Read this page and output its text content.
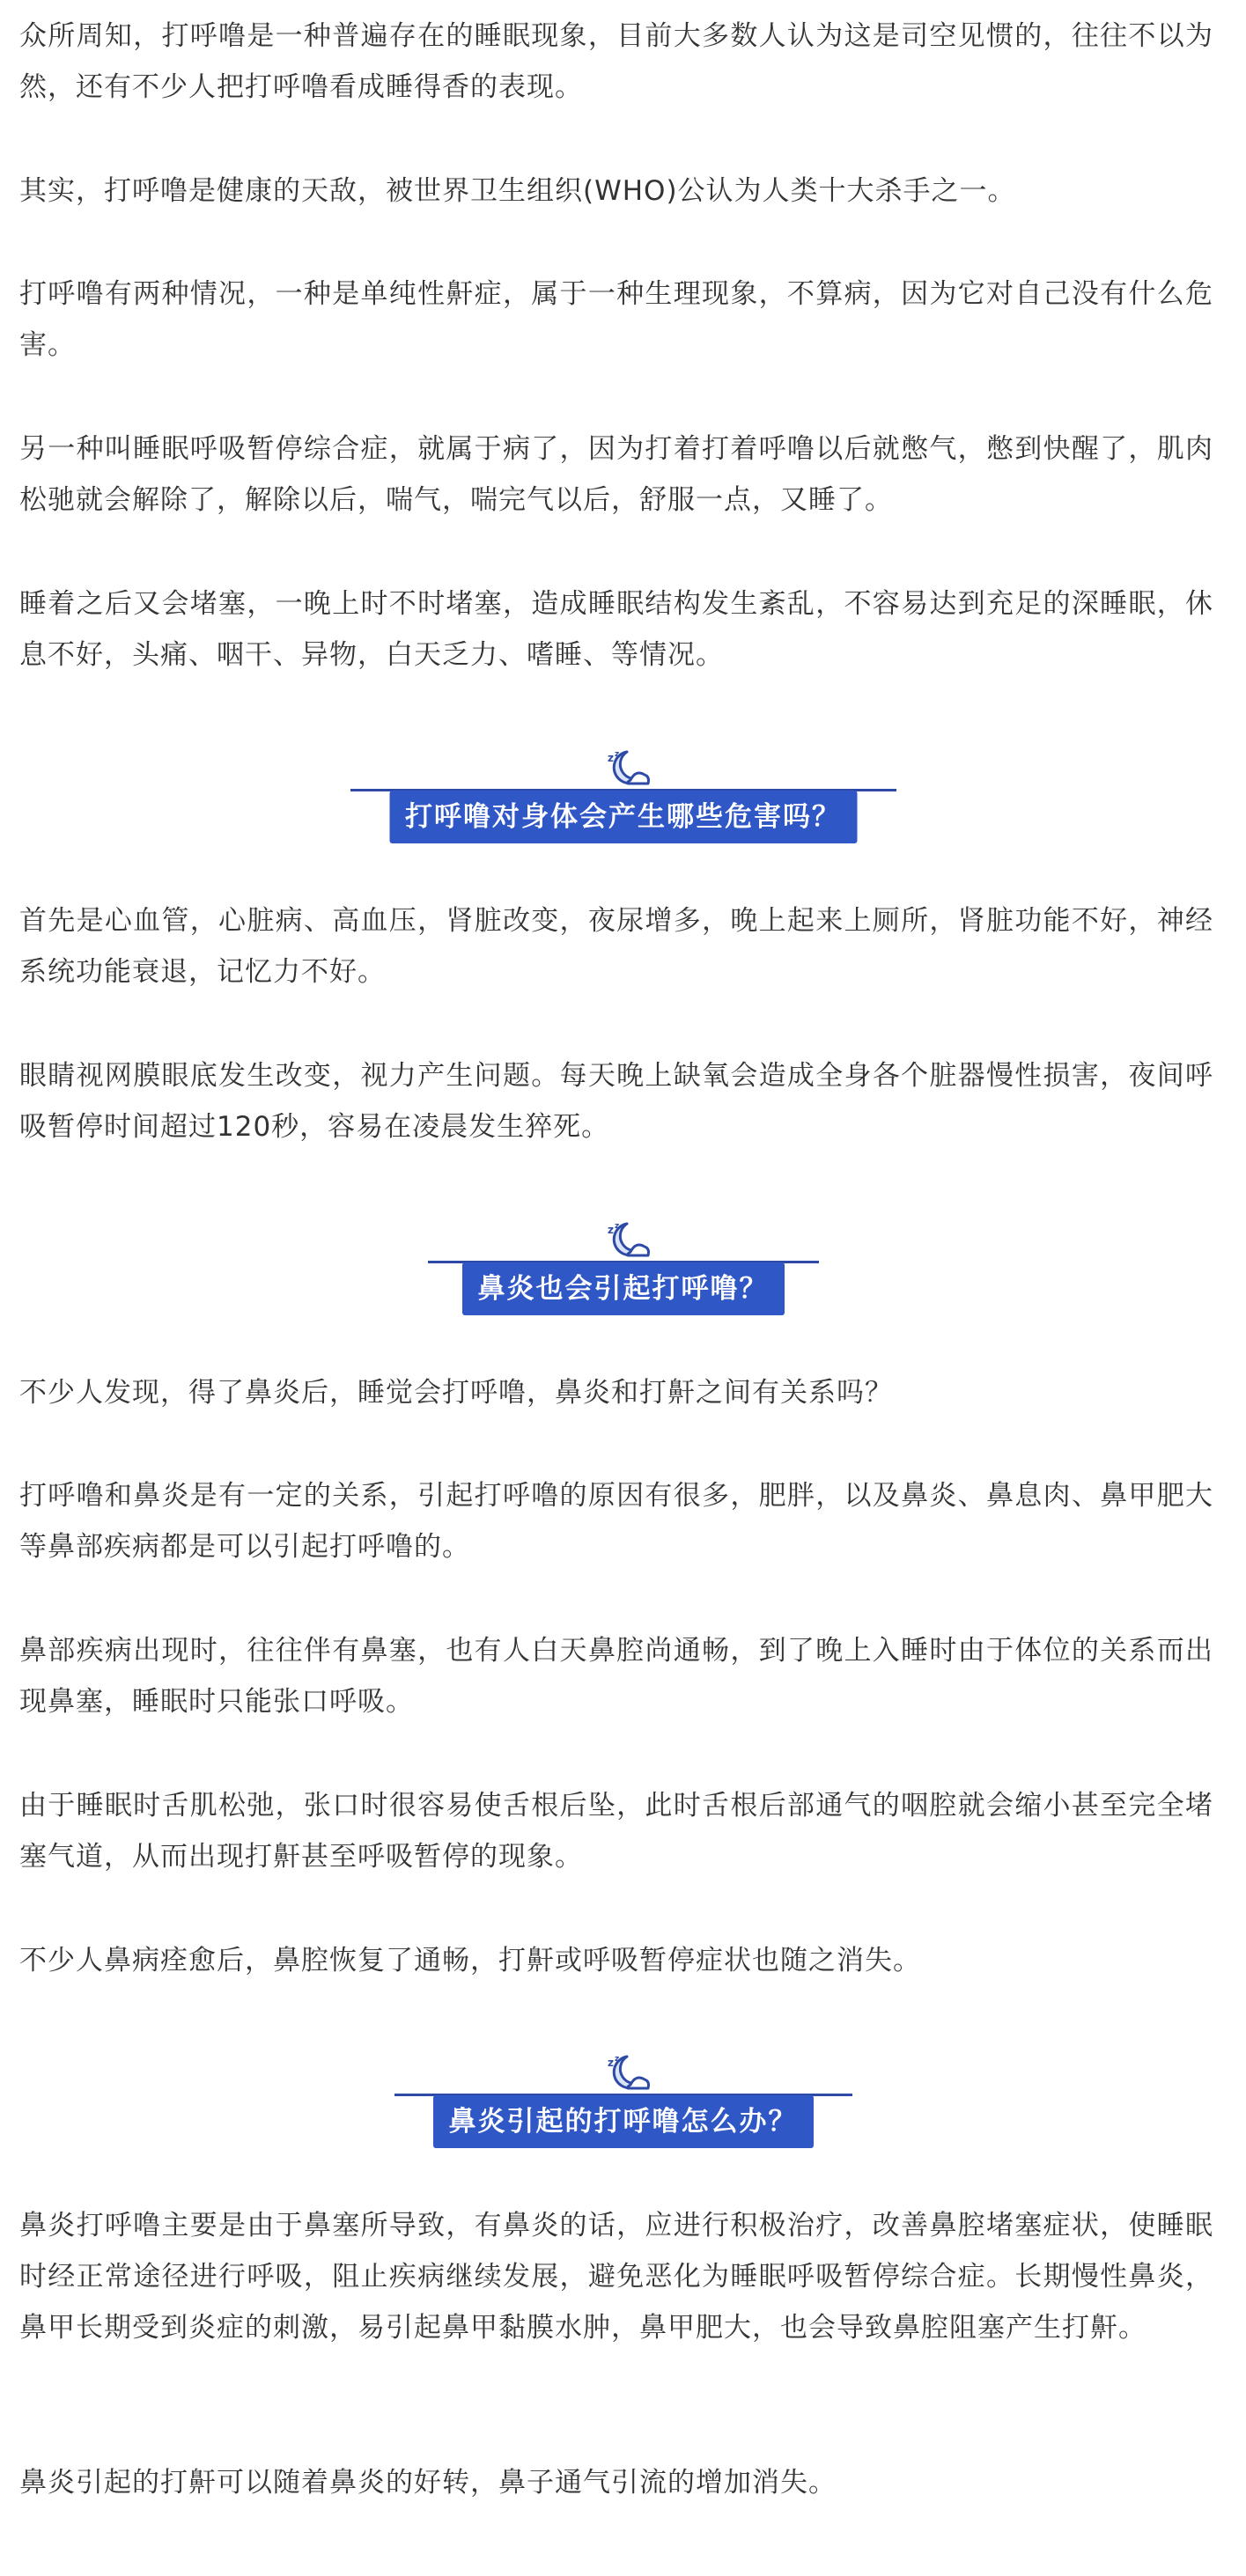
众所周知，打呼噜是一种普遍存在的睡眠现象，目前大多数人认为这是司空见惯的，往往不以为然，还有不少人把打呼噜看成睡得香的表现。

其实，打呼噜是健康的天敌，被世界卫生组织(WHO)公认为人类十大杀手之一。

打呼噜有两种情况，一种是单纯性鼾症，属于一种生理现象，不算病，因为它对自己没有什么危害。

另一种叫睡眠呼吸暂停综合症，就属于病了，因为打着打着呼噜以后就憋气，憋到快醒了，肌肉松驰就会解除了，解除以后，喘气，喘完气以后，舒服一点，又睡了。

睡着之后又会堵塞，一晚上时不时堵塞，造成睡眠结构发生紊乱，不容易达到充足的深睡眠，休息不好，头痛、咽干、异物，白天乏力、嗜睡、等情况。

z z
打呼噜对身体会产生哪些危害吗？

首先是心血管，心脏病、高血压，肾脏改变，夜尿增多，晚上起来上厕所，肾脏功能不好，神经系统功能衰退，记忆力不好。

眼睛视网膜眼底发生改变，视力产生问题。每天晚上缺氧会造成全身各个脏器慢性损害，夜间呼吸暂停时间超过120秒，容易在凌晨发生猝死。

z z
鼻炎也会引起打呼噜？

不少人发现，得了鼻炎后，睡觉会打呼噜，鼻炎和打鼾之间有关系吗？

打呼噜和鼻炎是有一定的关系，引起打呼噜的原因有很多，肥胖，以及鼻炎、鼻息肉、鼻甲肥大等鼻部疾病都是可以引起打呼噜的。

鼻部疾病出现时，往往伴有鼻塞，也有人白天鼻腔尚通畅，到了晚上入睡时由于体位的关系而出现鼻塞，睡眠时只能张口呼吸。

由于睡眠时舌肌松弛，张口时很容易使舌根后坠，此时舌根后部通气的咽腔就会缩小甚至完全堵塞气道，从而出现打鼾甚至呼吸暂停的现象。

不少人鼻病痊愈后，鼻腔恢复了通畅，打鼾或呼吸暂停症状也随之消失。

z z
鼻炎引起的打呼噜怎么办？

鼻炎打呼噜主要是由于鼻塞所导致，有鼻炎的话，应进行积极治疗，改善鼻腔堵塞症状，使睡眠时经正常途径进行呼吸，阻止疾病继续发展，避免恶化为睡眠呼吸暂停综合症。长期慢性鼻炎，鼻甲长期受到炎症的刺激，易引起鼻甲黏膜水肿，鼻甲肥大，也会导致鼻腔阻塞产生打鼾。

鼻炎引起的打鼾可以随着鼻炎的好转，鼻子通气引流的增加消失。
